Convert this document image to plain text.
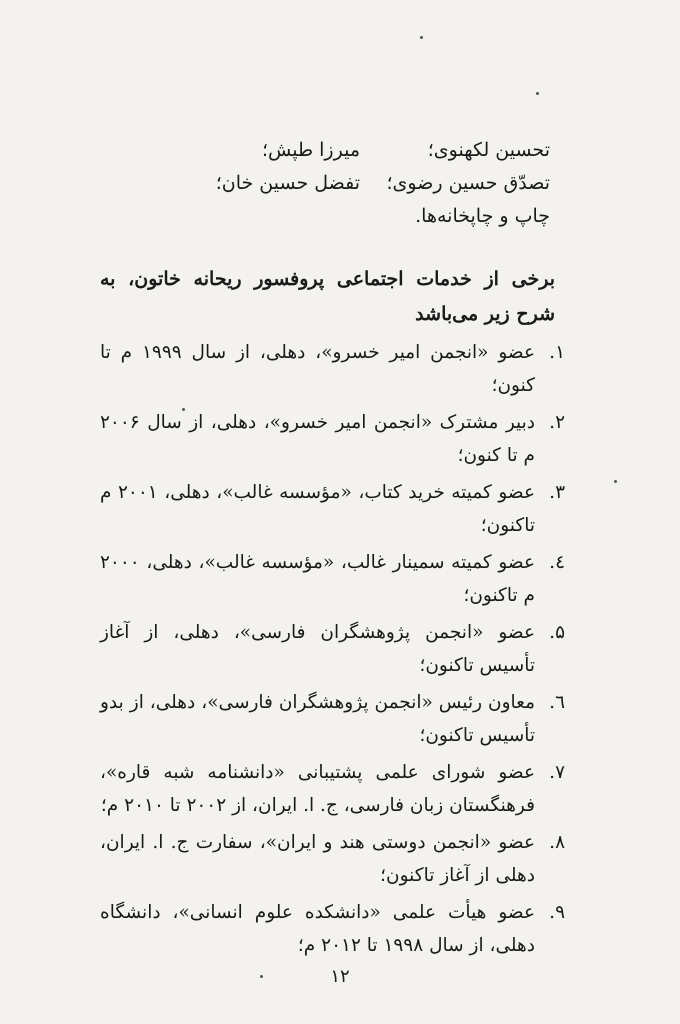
تحسین لکهنوی؛
میرزا طپش؛
تصدّق حسین رضوی؛
تفضل حسین خان؛
چاپ و چاپخانه‌ها.
برخی از خدمات اجتماعی پروفسور ریحانه خاتون، به شرح زیر می‌باشد
۱.
عضو «انجمن امیر خسرو»، دهلی، از سال ۱۹۹۹ م تا کنون؛
۲.
دبیر مشترک «انجمن امیر خسرو»، دهلی، از سال ۲۰۰۶ م تا کنون؛
۳.
عضو کمیته خرید کتاب، «مؤسسه غالب»، دهلی، ۲۰۰۱ م تاکنون؛
٤.
عضو کمیته سمینار غالب، «مؤسسه غالب»، دهلی، ۲۰۰۰ م تاکنون؛
۵.
عضو «انجمن پژوهشگران فارسی»، دهلی، از آغاز تأسیس تاکنون؛
٦.
معاون رئیس «انجمن پژوهشگران فارسی»، دهلی، از بدو تأسیس تاکنون؛
۷.
عضو شورای علمی پشتیبانی «دانشنامه شبه قاره»، فرهنگستان زبان فارسی، ج. ا. ایران، از ۲۰۰۲ تا ۲۰۱۰ م؛
۸.
عضو «انجمن دوستی هند و ایران»، سفارت ج. ا. ایران، دهلی از آغاز تاکنون؛
۹.
عضو هیأت علمی «دانشکده علوم انسانی»، دانشگاه دهلی، از سال ۱۹۹۸ تا ۲۰۱۲ م؛
۱۲
